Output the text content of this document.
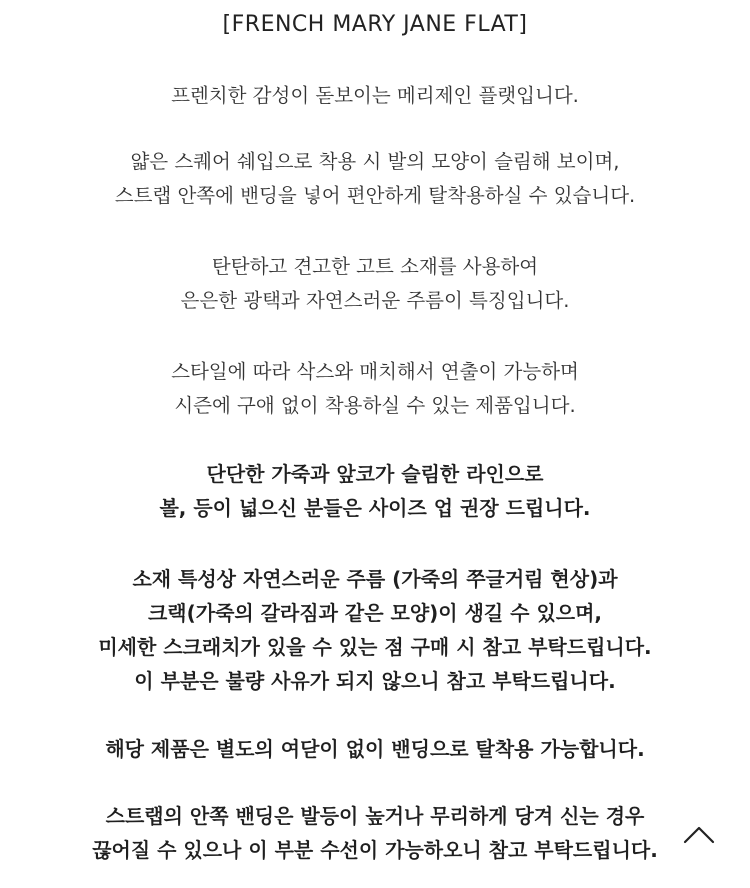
[FRENCH MARY JANE FLAT]
프렌치한 감성이 돋보이는 메리제인 플랫입니다.
얇은 스퀘어 쉐입으로 착용 시 발의 모양이 슬림해 보이며,
스트랩 안쪽에 밴딩을 넣어 편안하게 탈착용하실 수 있습니다.
탄탄하고 견고한 고트 소재를 사용하여
은은한 광택과 자연스러운 주름이 특징입니다.
스타일에 따라 삭스와 매치해서 연출이 가능하며
시즌에 구애 없이 착용하실 수 있는 제품입니다.
단단한 가죽과 앞코가 슬림한 라인으로
볼, 등이 넓으신 분들은 사이즈 업 권장 드립니다.
소재 특성상 자연스러운 주름 (가죽의 쭈글거림 현상)과
크랙(가죽의 갈라짐과 같은 모양)이 생길 수 있으며,
미세한 스크래치가 있을 수 있는 점 구매 시 참고 부탁드립니다.
이 부분은 불량 사유가 되지 않으니 참고 부탁드립니다.
해당 제품은 별도의 여닫이 없이 밴딩으로 탈착용 가능합니다.
스트랩의 안쪽 밴딩은 발등이 높거나 무리하게 당겨 신는 경우
끊어질 수 있으나 이 부분 수선이 가능하오니 참고 부탁드립니다.
